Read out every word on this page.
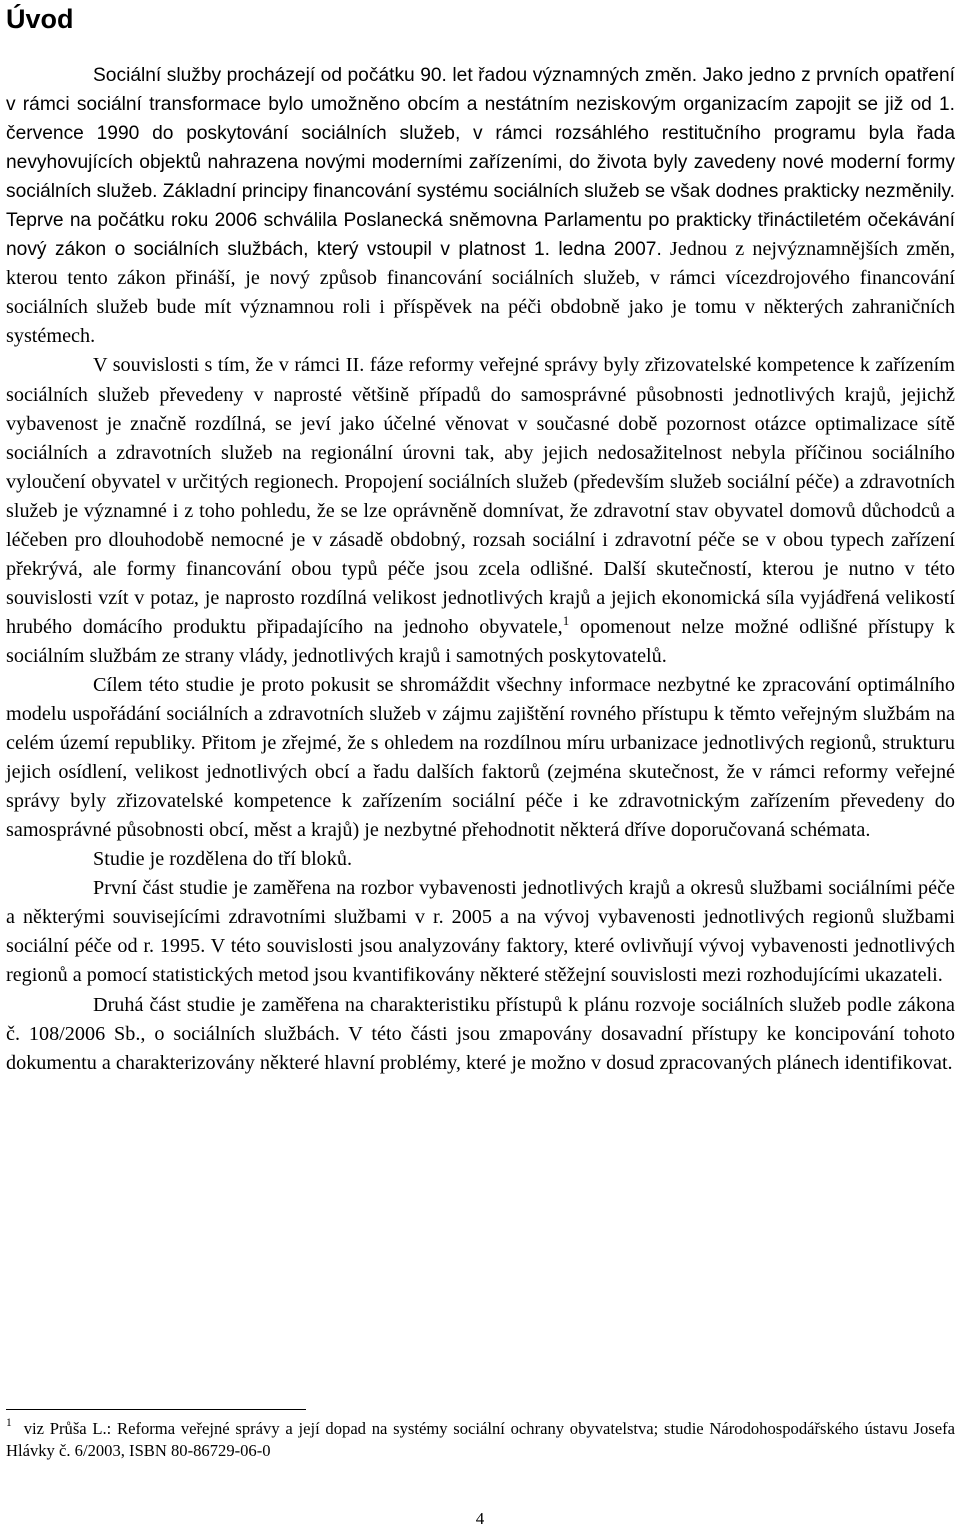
Úvod

Sociální služby procházejí od počátku 90. let řadou významných změn. Jako jedno z prvních opatření v rámci sociální transformace bylo umožněno obcím a nestátním neziskovým organizacím zapojit se již od 1. července 1990 do poskytování sociálních služeb, v rámci rozsáhlého restitučního programu byla řada nevyhovujících objektů nahrazena novými moderními zařízeními, do života byly zavedeny nové moderní formy sociálních služeb. Základní principy financování systému sociálních služeb se však dodnes prakticky nezměnily. Teprve na počátku roku 2006 schválila Poslanecká sněmovna Parlamentu po prakticky třináctiletém očekávání nový zákon o sociálních službách, který vstoupil v platnost 1. ledna 2007. Jednou z nejvýznamnějších změn, kterou tento zákon přináší, je nový způsob financování sociálních služeb, v rámci vícezdrojového financování sociálních služeb bude mít významnou roli i příspěvek na péči obdobně jako je tomu v některých zahraničních systémech.

V souvislosti s tím, že v rámci II. fáze reformy veřejné správy byly zřizovatelské kompetence k zařízením sociálních služeb převedeny v naprosté většině případů do samosprávné působnosti jednotlivých krajů, jejichž vybavenost je značně rozdílná, se jeví jako účelné věnovat v současné době pozornost otázce optimalizace sítě sociálních a zdravotních služeb na regionální úrovni tak, aby jejich nedosažitelnost nebyla příčinou sociálního vyloučení obyvatel v určitých regionech. Propojení sociálních služeb (především služeb sociální péče) a zdravotních služeb je významné i z toho pohledu, že se lze oprávněně domnívat, že zdravotní stav obyvatel domovů důchodců a léčeben pro dlouhodobě nemocné je v zásadě obdobný, rozsah sociální i zdravotní péče se v obou typech zařízení překrývá, ale formy financování obou typů péče jsou zcela odlišné. Další skutečností, kterou je nutno v této souvislosti vzít v potaz, je naprosto rozdílná velikost jednotlivých krajů a jejich ekonomická síla vyjádřená velikostí hrubého domácího produktu připadajícího na jednoho obyvatele,$^1$ opomenout nelze možné odlišné přístupy k sociálním službám ze strany vlády, jednotlivých krajů i samotných poskytovatelů.

Cílem této studie je proto pokusit se shromáždit všechny informace nezbytné ke zpracování optimálního modelu uspořádání sociálních a zdravotních služeb v zájmu zajištění rovného přístupu k těmto veřejným službám na celém území republiky. Přitom je zřejmé, že s ohledem na rozdílnou míru urbanizace jednotlivých regionů, strukturu jejich osídlení, velikost jednotlivých obcí a řadu dalších faktorů (zejména skutečnost, že v rámci reformy veřejné správy byly zřizovatelské kompetence k zařízením sociální péče i ke zdravotnickým zařízením převedeny do samosprávné působnosti obcí, měst a krajů) je nezbytné přehodnotit některá dříve doporučovaná schémata.

Studie je rozdělena do tří bloků.

První část studie je zaměřena na rozbor vybavenosti jednotlivých krajů a okresů službami sociálními péče a některými souvisejícími zdravotními službami v r. 2005 a na vývoj vybavenosti jednotlivých regionů službami sociální péče od r. 1995. V této souvislosti jsou analyzovány faktory, které ovlivňují vývoj vybavenosti jednotlivých regionů a pomocí statistických metod jsou kvantifikovány některé stěžejní souvislosti mezi rozhodujícími ukazateli.

Druhá část studie je zaměřena na charakteristiku přístupů k plánu rozvoje sociálních služeb podle zákona č. 108/2006 Sb., o sociálních službách. V této části jsou zmapovány dosavadní přístupy ke koncipování tohoto dokumentu a charakterizovány některé hlavní problémy, které je možno v dosud zpracovaných plánech identifikovat.

$^1$ viz Průša L.: Reforma veřejné správy a její dopad na systémy sociální ochrany obyvatelstva; studie Národohospodářského ústavu Josefa Hlávky č. 6/2003, ISBN 80-86729-06-0

4
